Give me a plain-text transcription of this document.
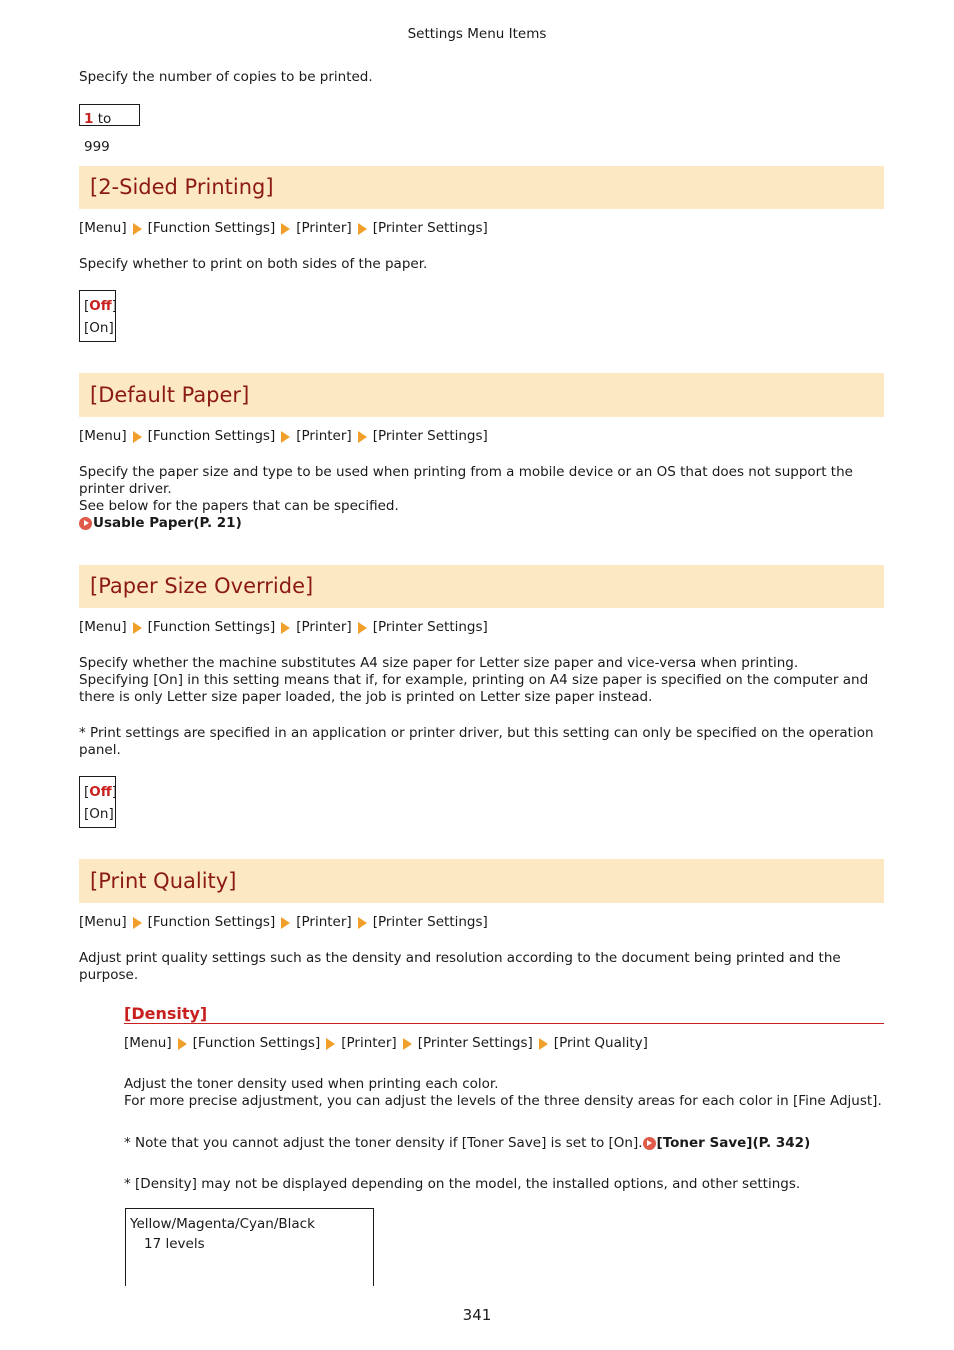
Settings Menu Items
Specify the number of copies to be printed.
1 to 999
[2-Sided Printing]
[Menu] [Function Settings] [Printer] [Printer Settings]
Specify whether to print on both sides of the paper.
[Off]
[On]
[Default Paper]
[Menu] [Function Settings] [Printer] [Printer Settings]
Specify the paper size and type to be used when printing from a mobile device or an OS that does not support the printer driver.
See below for the papers that can be specified.
Usable Paper(P. 21)
[Paper Size Override]
[Menu] [Function Settings] [Printer] [Printer Settings]
Specify whether the machine substitutes A4 size paper for Letter size paper and vice-versa when printing.
Specifying [On] in this setting means that if, for example, printing on A4 size paper is specified on the computer and there is only Letter size paper loaded, the job is printed on Letter size paper instead.
* Print settings are specified in an application or printer driver, but this setting can only be specified on the operation panel.
[Off]
[On]
[Print Quality]
[Menu] [Function Settings] [Printer] [Printer Settings]
Adjust print quality settings such as the density and resolution according to the document being printed and the purpose.
[Density]
[Menu] [Function Settings] [Printer] [Printer Settings] [Print Quality]
Adjust the toner density used when printing each color.
For more precise adjustment, you can adjust the levels of the three density areas for each color in [Fine Adjust].
* Note that you cannot adjust the toner density if [Toner Save] is set to [On]. [Toner Save](P. 342)
* [Density] may not be displayed depending on the model, the installed options, and other settings.
Yellow/Magenta/Cyan/Black
17 levels
341
